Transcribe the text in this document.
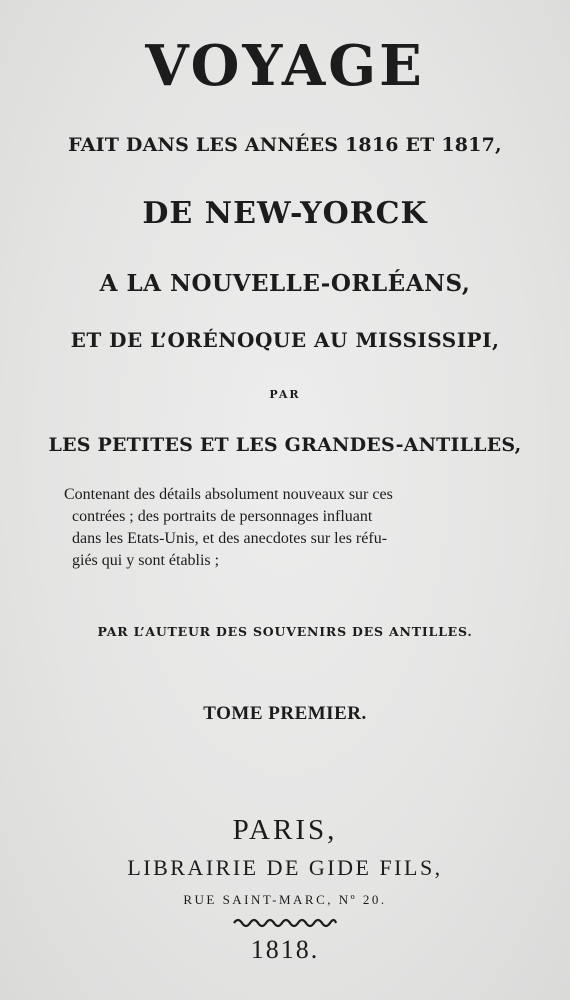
VOYAGE

FAIT DANS LES ANNÉES 1816 ET 1817,

DE NEW-YORCK

A LA NOUVELLE-ORLÉANS,

ET DE L’ORÉNOQUE AU MISSISSIPI,

PAR

LES PETITES ET LES GRANDES-ANTILLES,

Contenant des détails absolument nouveaux sur ces
contrées ; des portraits de personnages influant
dans les Etats-Unis, et des anecdotes sur les réfu-
giés qui y sont établis ;

PAR L’AUTEUR DES SOUVENIRS DES ANTILLES.

TOME PREMIER.

PARIS,

LIBRAIRIE DE GIDE FILS,

RUE SAINT-MARC, Nº 20.

1818.
